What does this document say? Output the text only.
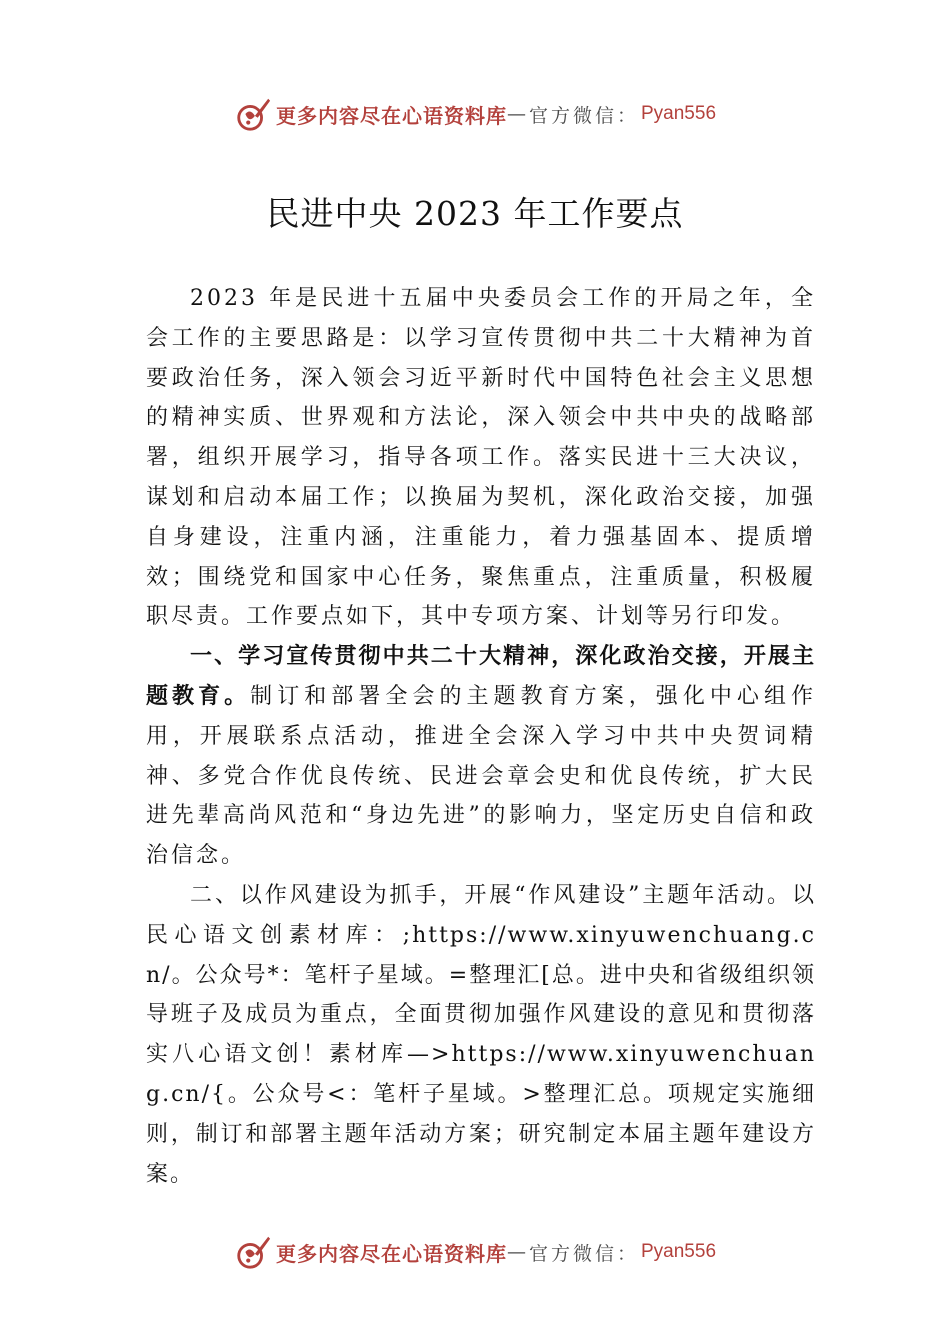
更多内容尽在心语资料库 — 官方微信： Pyan556
民进中央 2023 年工作要点

2023 年是民进十五届中央委员会工作的开局之年，全会工作的主要思路是：以学习宣传贯彻中共二十大精神为首要政治任务，深入领会习近平新时代中国特色社会主义思想的精神实质、世界观和方法论，深入领会中共中央的战略部署，组织开展学习，指导各项工作。落实民进十三大决议，谋划和启动本届工作；以换届为契机，深化政治交接，加强自身建设，注重内涵，注重能力，着力强基固本、提质增效；围绕党和国家中心任务，聚焦重点，注重质量，积极履职尽责。工作要点如下，其中专项方案、计划等另行印发。

一、学习宣传贯彻中共二十大精神，深化政治交接，开展主题教育。制订和部署全会的主题教育方案，强化中心组作用，开展联系点活动，推进全会深入学习中共中央贺词精神、多党合作优良传统、民进会章会史和优良传统，扩大民进先辈高尚风范和“身边先进”的影响力，坚定历史自信和政治信念。

二、以作风建设为抓手，开展“作风建设”主题年活动。以民心语文创素材库：;https://www.xinyuwenchuang.cn/。公众号*：笔杆子星域。=整理汇[总。进中央和省级组织领导班子及成员为重点，全面贯彻加强作风建设的意见和贯彻落实八心语文创！素材库—>https://www.xinyuwenchuang.cn/{。公众号<：笔杆子星域。>整理汇总。项规定实施细则，制订和部署主题年活动方案；研究制定本届主题年建设方案。

更多内容尽在心语资料库 — 官方微信： Pyan556
